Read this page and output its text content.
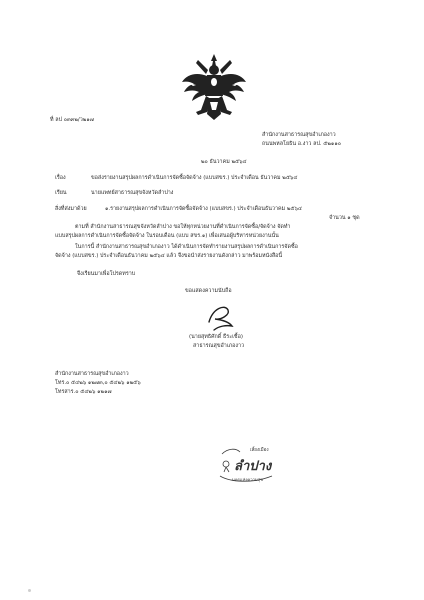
ที่ ลป ๐๓๓๒/ว๒๑๗
สำนักงานสาธารณสุขอำเภองาว
ถนนพหลโยธิน อ.งาว ลป. ๕๒๑๑๐
๒๐ ธันวาคม ๒๕๖๔
เรื่อง	ขอส่งรายงานสรุปผลการดำเนินการจัดซื้อจัดจ้าง (แบบสขร.) ประจำเดือน ธันวาคม ๒๕๖๔
เรียน	นายแพทย์สาธารณสุขจังหวัดลำปาง
สิ่งที่ส่งมาด้วย	๑.รายงานสรุปผลการดำเนินการจัดซื้อจัดจ้าง (แบบสขร.) ประจำเดือนธันวาคม ๒๕๖๔
จำนวน ๑ ชุด
ตามที่ สำนักงานสาธารณสุขจังหวัดลำปาง ขอให้ทุกหน่วยงานที่ดำเนินการจัดซื้อ/จัดจ้าง จัดทำ
แบบสรุปผลการดำเนินการจัดซื้อจัดจ้าง ในรอบเดือน (แบบ สขร.๑) เพื่อเสนอผู้บริหารหน่วยงานนั้น
ในการนี้ สำนักงานสาธารณสุขอำเภองาว ได้ดำเนินการจัดทำรายงานสรุปผลการดำเนินการจัดซื้อ
จัดจ้าง (แบบสขร.) ประจำเดือนธันวาคม ๒๕๖๔ แล้ว จึงขอนำส่งรายงานดังกล่าว มาพร้อมหนังสือนี้
จึงเรียนมาเพื่อโปรดทราบ
ขอแสดงความนับถือ
(นายสุทธิศักดิ์ ธีระเชื้อ)
สาธารณสุขอำเภองาว
สำนักงานสาธารณสุขอำเภองาว
โทร.๐ ๕๔๒๖ ๑๒๗๓,๐ ๕๔๒๖ ๑๒๕๖
โทรสาร.๐ ๕๔๒๖ ๑๒๑๗
เลี้ยงเมือง
ลำปาง
นครแห่งความสุข
